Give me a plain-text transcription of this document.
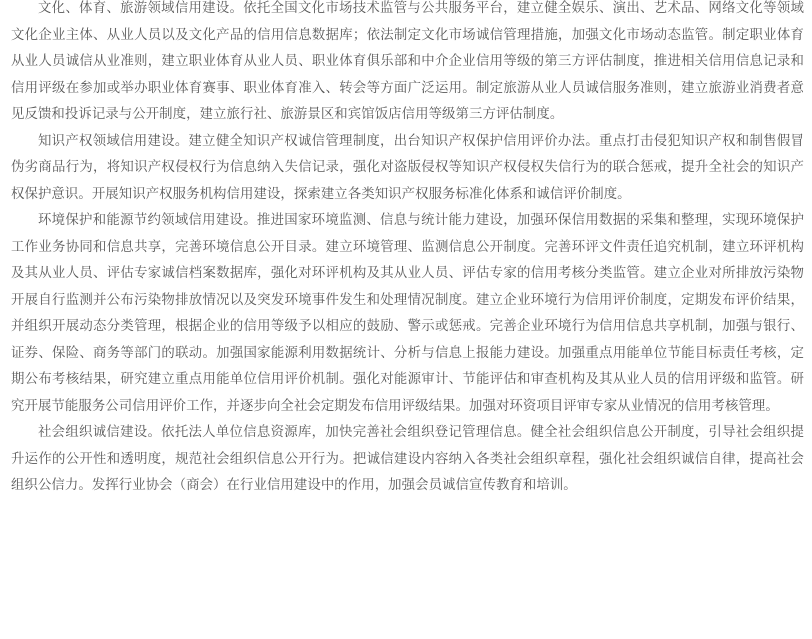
文化、体育、旅游领域信用建设。依托全国文化市场技术监管与公共服务平台，建立健全娱乐、演出、艺术品、网络文化等领域文化企业主体、从业人员以及文化产品的信用信息数据库；依法制定文化市场诚信管理措施，加强文化市场动态监管。制定职业体育从业人员诚信从业准则，建立职业体育从业人员、职业体育俱乐部和中介企业信用等级的第三方评估制度，推进相关信用信息记录和信用评级在参加或举办职业体育赛事、职业体育准入、转会等方面广泛运用。制定旅游从业人员诚信服务准则，建立旅游业消费者意见反馈和投诉记录与公开制度，建立旅行社、旅游景区和宾馆饭店信用等级第三方评估制度。

知识产权领域信用建设。建立健全知识产权诚信管理制度，出台知识产权保护信用评价办法。重点打击侵犯知识产权和制售假冒伪劣商品行为，将知识产权侵权行为信息纳入失信记录，强化对盗版侵权等知识产权侵权失信行为的联合惩戒，提升全社会的知识产权保护意识。开展知识产权服务机构信用建设，探索建立各类知识产权服务标准化体系和诚信评价制度。

环境保护和能源节约领域信用建设。推进国家环境监测、信息与统计能力建设，加强环保信用数据的采集和整理，实现环境保护工作业务协同和信息共享，完善环境信息公开目录。建立环境管理、监测信息公开制度。完善环评文件责任追究机制，建立环评机构及其从业人员、评估专家诚信档案数据库，强化对环评机构及其从业人员、评估专家的信用考核分类监管。建立企业对所排放污染物开展自行监测并公布污染物排放情况以及突发环境事件发生和处理情况制度。建立企业环境行为信用评价制度，定期发布评价结果，并组织开展动态分类管理，根据企业的信用等级予以相应的鼓励、警示或惩戒。完善企业环境行为信用信息共享机制，加强与银行、证券、保险、商务等部门的联动。加强国家能源利用数据统计、分析与信息上报能力建设。加强重点用能单位节能目标责任考核，定期公布考核结果，研究建立重点用能单位信用评价机制。强化对能源审计、节能评估和审查机构及其从业人员的信用评级和监管。研究开展节能服务公司信用评价工作，并逐步向全社会定期发布信用评级结果。加强对环资项目评审专家从业情况的信用考核管理。

社会组织诚信建设。依托法人单位信息资源库，加快完善社会组织登记管理信息。健全社会组织信息公开制度，引导社会组织提升运作的公开性和透明度，规范社会组织信息公开行为。把诚信建设内容纳入各类社会组织章程，强化社会组织诚信自律，提高社会组织公信力。发挥行业协会（商会）在行业信用建设中的作用，加强会员诚信宣传教育和培训。
